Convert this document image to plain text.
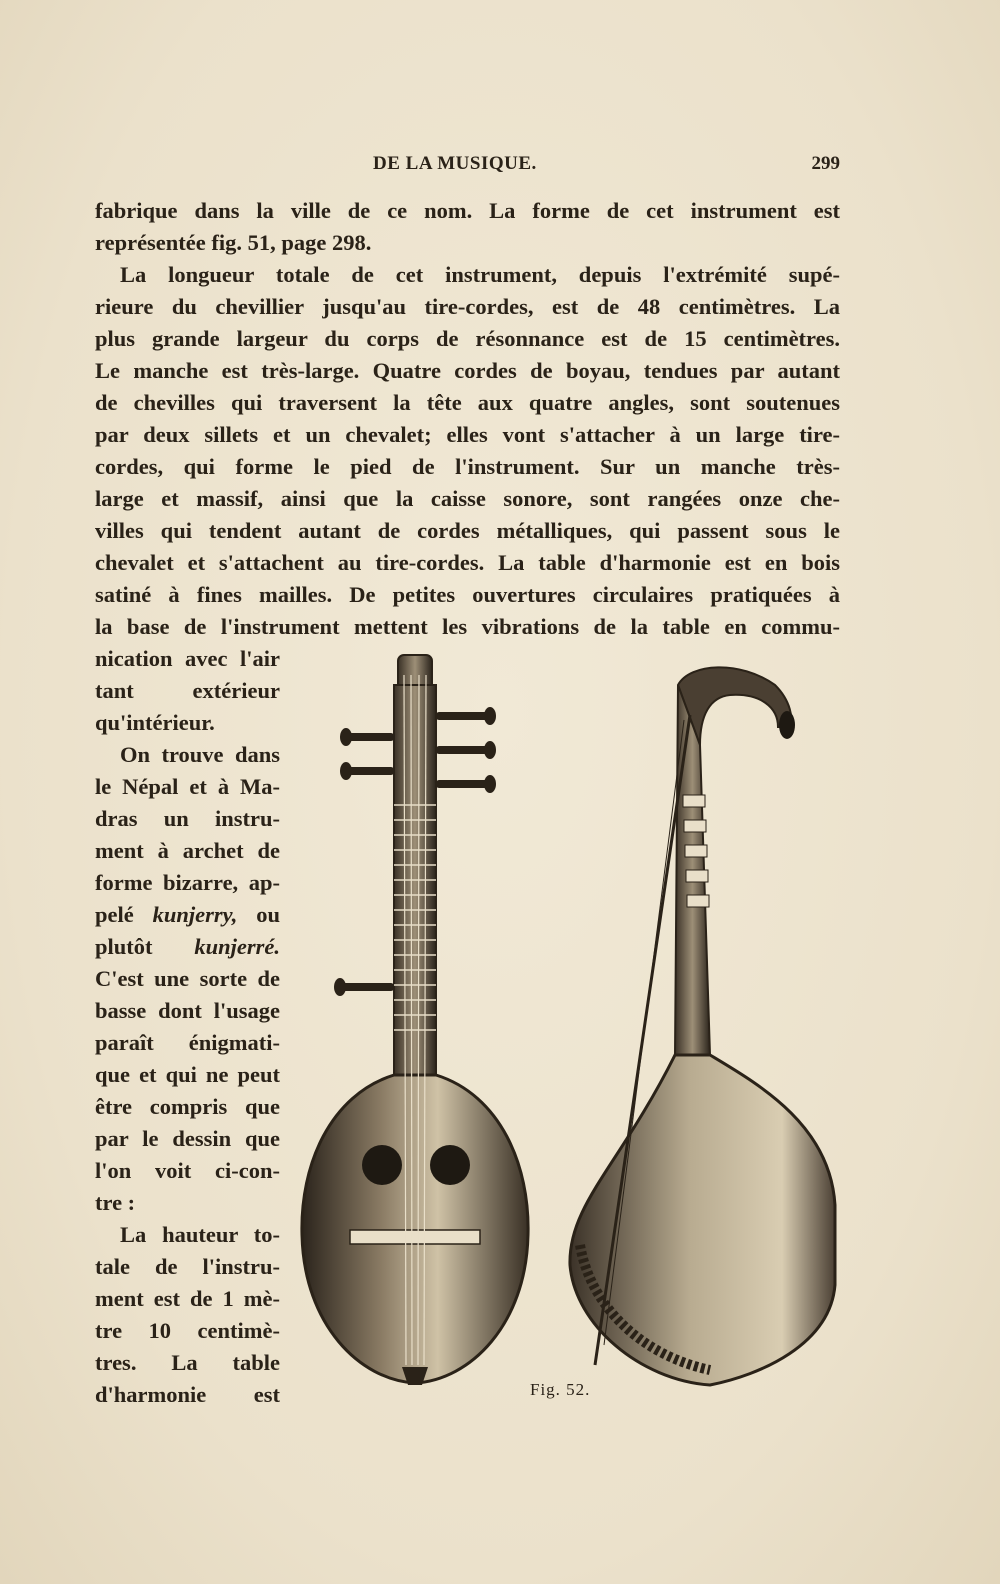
DE LA MUSIQUE.	299
fabrique dans la ville de ce nom. La forme de cet instrument est
représentée fig. 51, page 298.
La longueur totale de cet instrument, depuis l'extrémité supé-
rieure du chevillier jusqu'au tire-cordes, est de 48 centimètres. La
plus grande largeur du corps de résonnance est de 15 centimètres.
Le manche est très-large. Quatre cordes de boyau, tendues par autant
de chevilles qui traversent la tête aux quatre angles, sont soutenues
par deux sillets et un chevalet; elles vont s'attacher à un large tire-
cordes, qui forme le pied de l'instrument. Sur un manche très-
large et massif, ainsi que la caisse sonore, sont rangées onze che-
villes qui tendent autant de cordes métalliques, qui passent sous le
chevalet et s'attachent au tire-cordes. La table d'harmonie est en bois
satiné à fines mailles. De petites ouvertures circulaires pratiquées à
la base de l'instrument mettent les vibrations de la table en commu-
nication avec l'air
tant extérieur
qu'intérieur.
On trouve dans
le Népal et à Ma-
dras un instru-
ment à archet de
forme bizarre, ap-
pelé kunjerry, ou
plutôt kunjerré.
C'est une sorte de
basse dont l'usage
paraît énigmati-
que et qui ne peut
être compris que
par le dessin que
l'on voit ci-con-
tre :
La hauteur to-
tale de l'instru-
ment est de 1 mè-
tre 10 centimè-
tres. La table
d'harmonie est	Fig. 52.
